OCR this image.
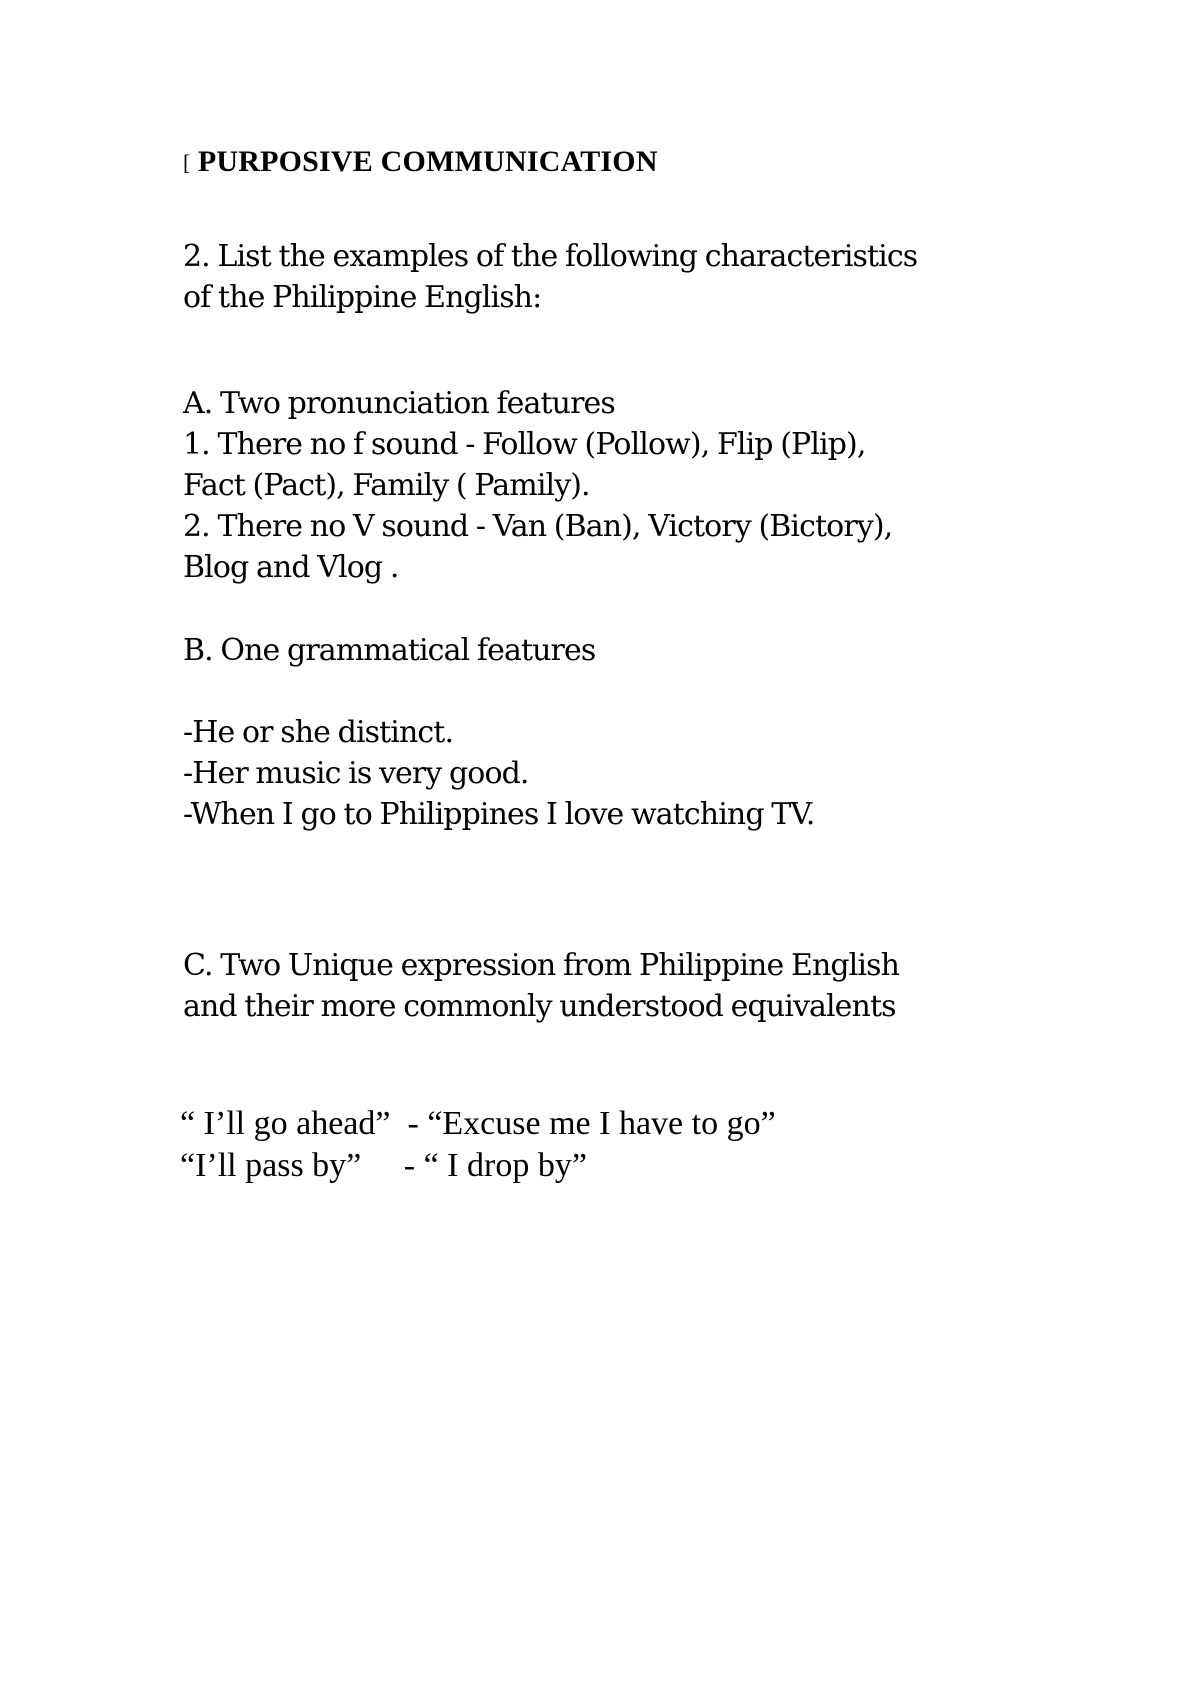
[ PURPOSIVE COMMUNICATION
2. List the examples of the following characteristics
of the Philippine English:
A. Two pronunciation features
1. There no f sound - Follow (Pollow), Flip (Plip),
Fact (Pact), Family ( Pamily).
2. There no V sound - Van (Ban), Victory (Bictory),
Blog and Vlog .
B. One grammatical features
-He or she distinct.
-Her music is very good.
-When I go to Philippines I love watching TV.
C. Two Unique expression from Philippine English
and their more commonly understood equivalents
“ I’ll go ahead”  - “Excuse me I have to go”
“I’ll pass by”     - “ I drop by”
